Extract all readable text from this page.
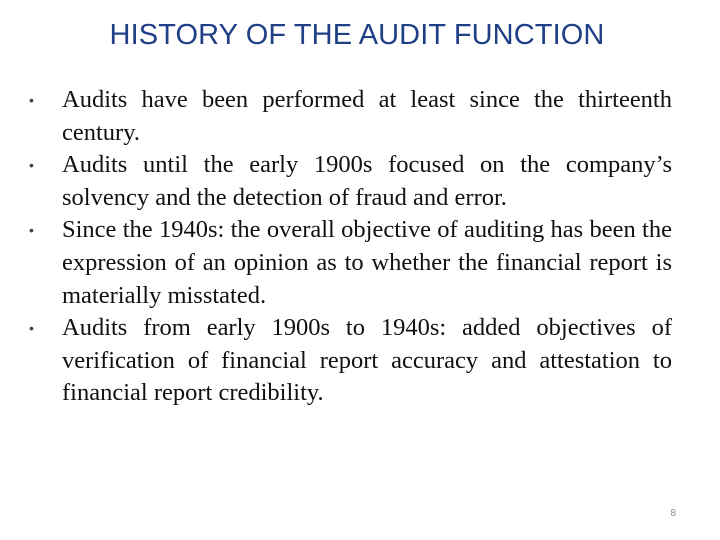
HISTORY OF THE AUDIT FUNCTION
• Audits have been performed at least since the thirteenth century.
• Audits until the early 1900s focused on the company’s solvency and the detection of fraud and error.
• Since the 1940s: the overall objective of auditing has been the expression of an opinion as to whether the financial report is materially misstated.
• Audits from early 1900s to 1940s: added objectives of verification of financial report accuracy and attestation to financial report credibility.
8
